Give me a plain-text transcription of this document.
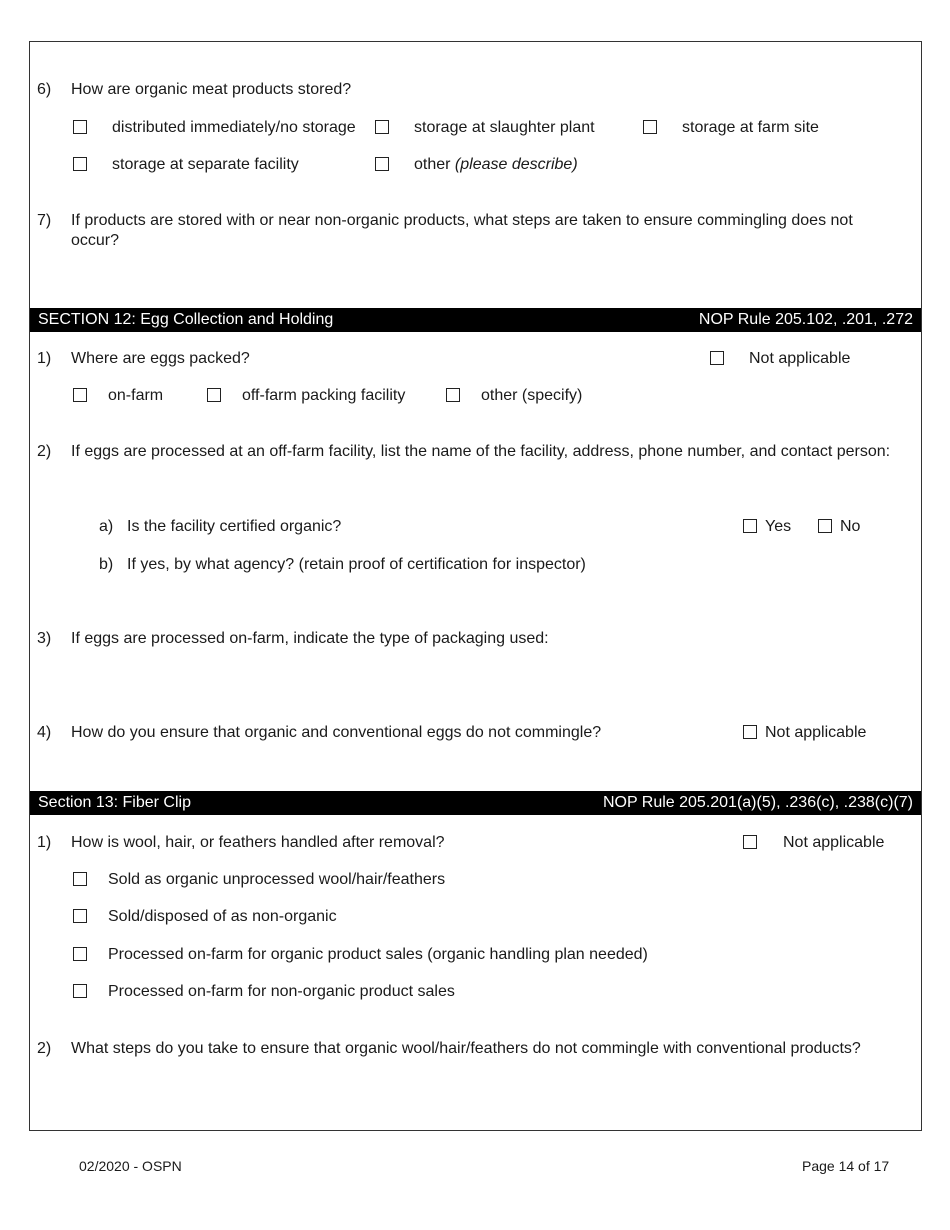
6) How are organic meat products stored?
distributed immediately/no storage	storage at slaughter plant	storage at farm site
storage at separate facility	other (please describe)
7) If products are stored with or near non-organic products, what steps are taken to ensure commingling does not occur?
SECTION 12: Egg Collection and Holding	NOP Rule 205.102, .201, .272
1) Where are eggs packed?	Not applicable
on-farm	off-farm packing facility	other (specify)
2) If eggs are processed at an off-farm facility, list the name of the facility, address, phone number, and contact person:
a) Is the facility certified organic?	Yes	No
b) If yes, by what agency? (retain proof of certification for inspector)
3) If eggs are processed on-farm, indicate the type of packaging used:
4) How do you ensure that organic and conventional eggs do not commingle?	Not applicable
Section 13: Fiber Clip	NOP Rule 205.201(a)(5), .236(c), .238(c)(7)
1) How is wool, hair, or feathers handled after removal?	Not applicable
Sold as organic unprocessed wool/hair/feathers
Sold/disposed of as non-organic
Processed on-farm for organic product sales (organic handling plan needed)
Processed on-farm for non-organic product sales
2) What steps do you take to ensure that organic wool/hair/feathers do not commingle with conventional products?
02/2020 - OSPN	Page 14 of 17
